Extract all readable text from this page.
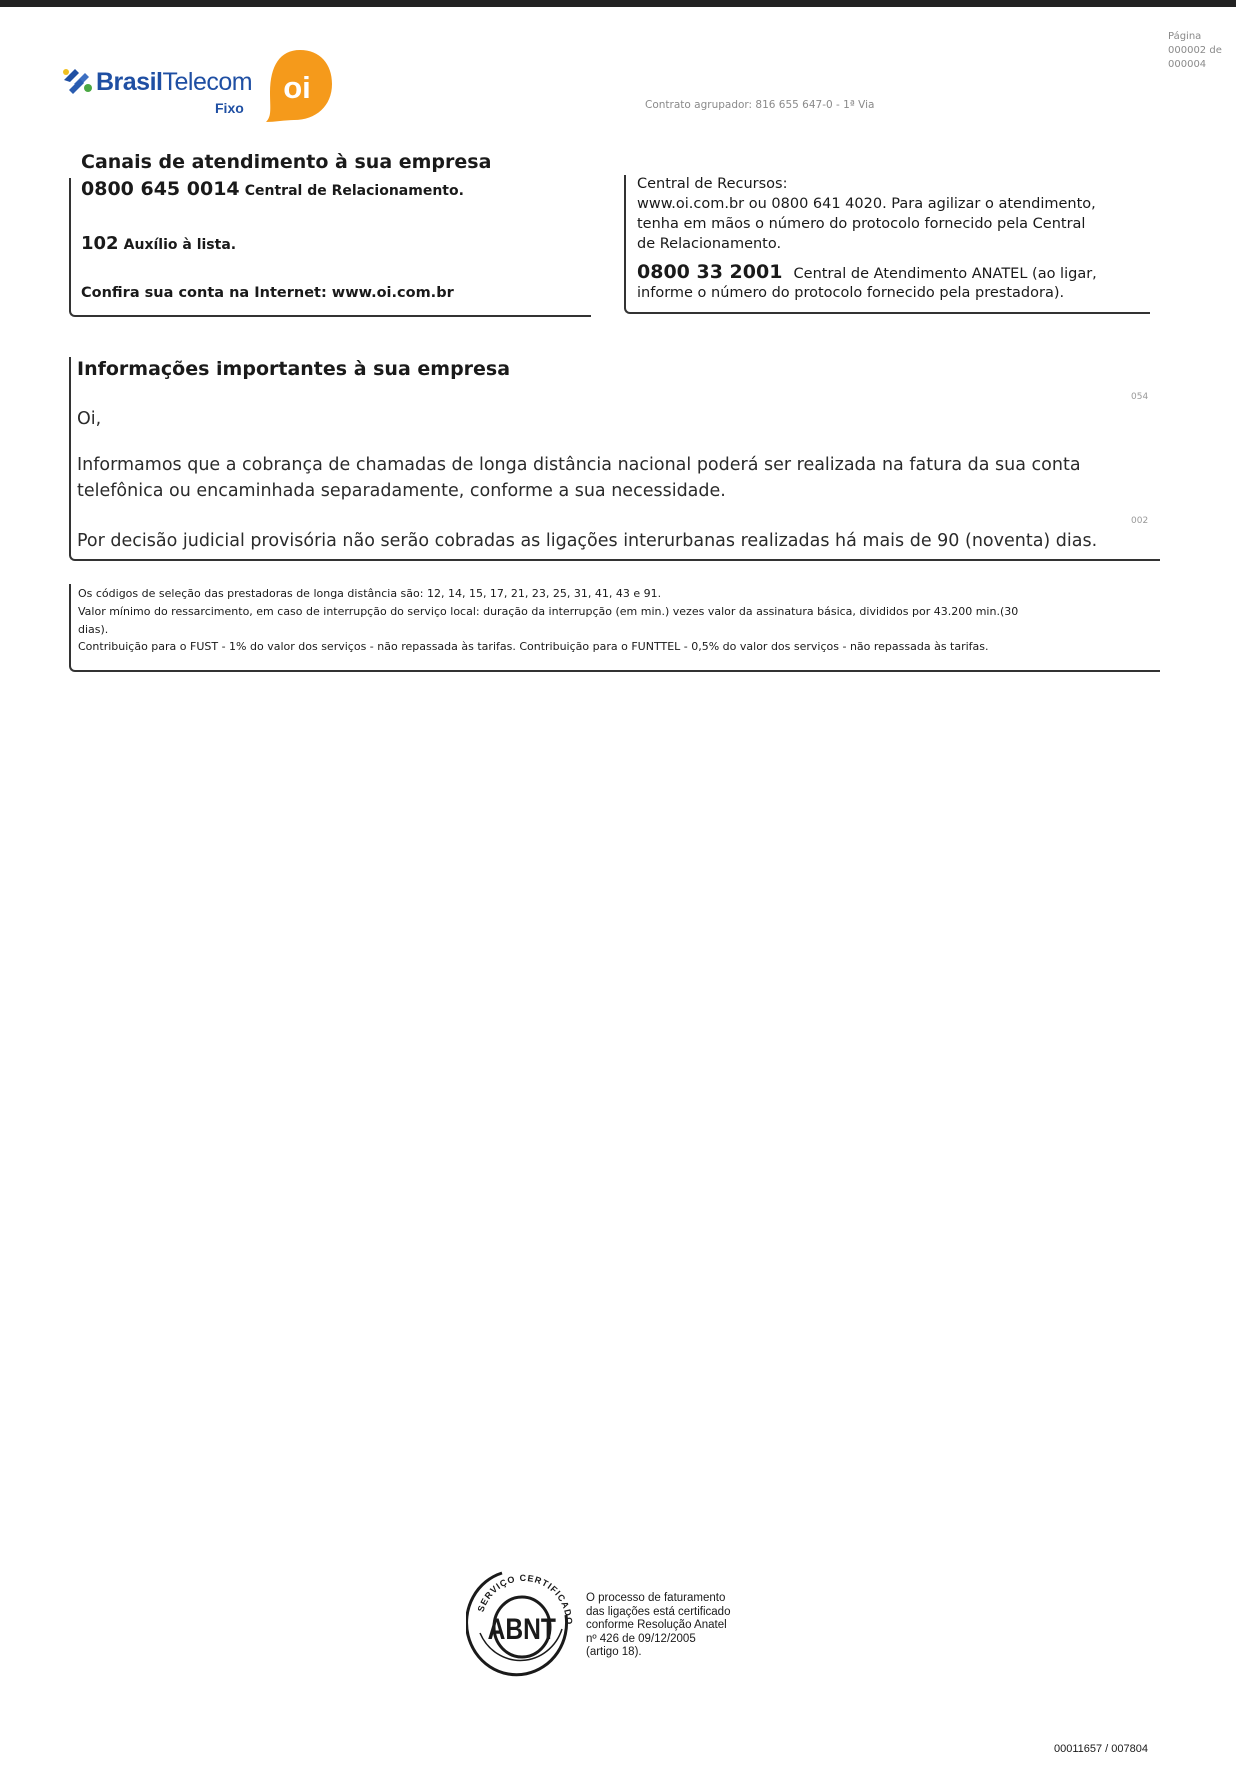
BrasilTelecom
Fixo
oi
Página
000002 de 000004
Contrato agrupador: 816 655 647-0 - 1ª Via
Canais de atendimento à sua empresa
0800 645 0014 Central de Relacionamento.
102 Auxílio à lista.
Confira sua conta na Internet: www.oi.com.br
Central de Recursos:
www.oi.com.br ou 0800 641 4020. Para agilizar o atendimento,
tenha em mãos o número do protocolo fornecido pela Central
de Relacionamento.
0800 33 2001 Central de Atendimento ANATEL (ao ligar,
informe o número do protocolo fornecido pela prestadora).
Informações importantes à sua empresa
054
Oi,
Informamos que a cobrança de chamadas de longa distância nacional poderá ser realizada na fatura da sua conta
telefônica ou encaminhada separadamente, conforme a sua necessidade.
002
Por decisão judicial provisória não serão cobradas as ligações interurbanas realizadas há mais de 90 (noventa) dias.
Os códigos de seleção das prestadoras de longa distância são: 12, 14, 15, 17, 21, 23, 25, 31, 41, 43 e 91.
Valor mínimo do ressarcimento, em caso de interrupção do serviço local: duração da interrupção (em min.) vezes valor da assinatura básica, divididos por 43.200 min.(30
dias).
Contribuição para o FUST - 1% do valor dos serviços - não repassada às tarifas. Contribuição para o FUNTTEL - 0,5% do valor dos serviços - não repassada às tarifas.
SERVIÇO CERTIFICADO
ABNT
O processo de faturamento
das ligações está certificado
conforme Resolução Anatel
nº 426 de 09/12/2005
(artigo 18).
00011657 / 007804
